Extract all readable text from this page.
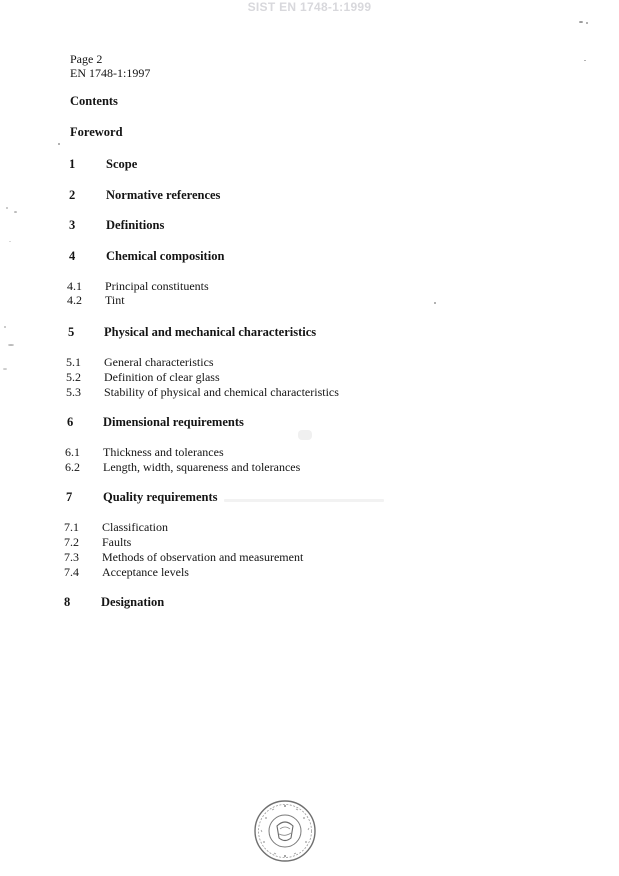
SIST EN 1748-1:1999
Page 2
EN 1748-1:1997
Contents
Foreword
1 Scope
2 Normative references
3 Definitions
4 Chemical composition
4.1 Principal constituents
4.2 Tint
5 Physical and mechanical characteristics
5.1 General characteristics
5.2 Definition of clear glass
5.3 Stability of physical and chemical characteristics
6 Dimensional requirements
6.1 Thickness and tolerances
6.2 Length, width, squareness and tolerances
7 Quality requirements
7.1 Classification
7.2 Faults
7.3 Methods of observation and measurement
7.4 Acceptance levels
8 Designation
